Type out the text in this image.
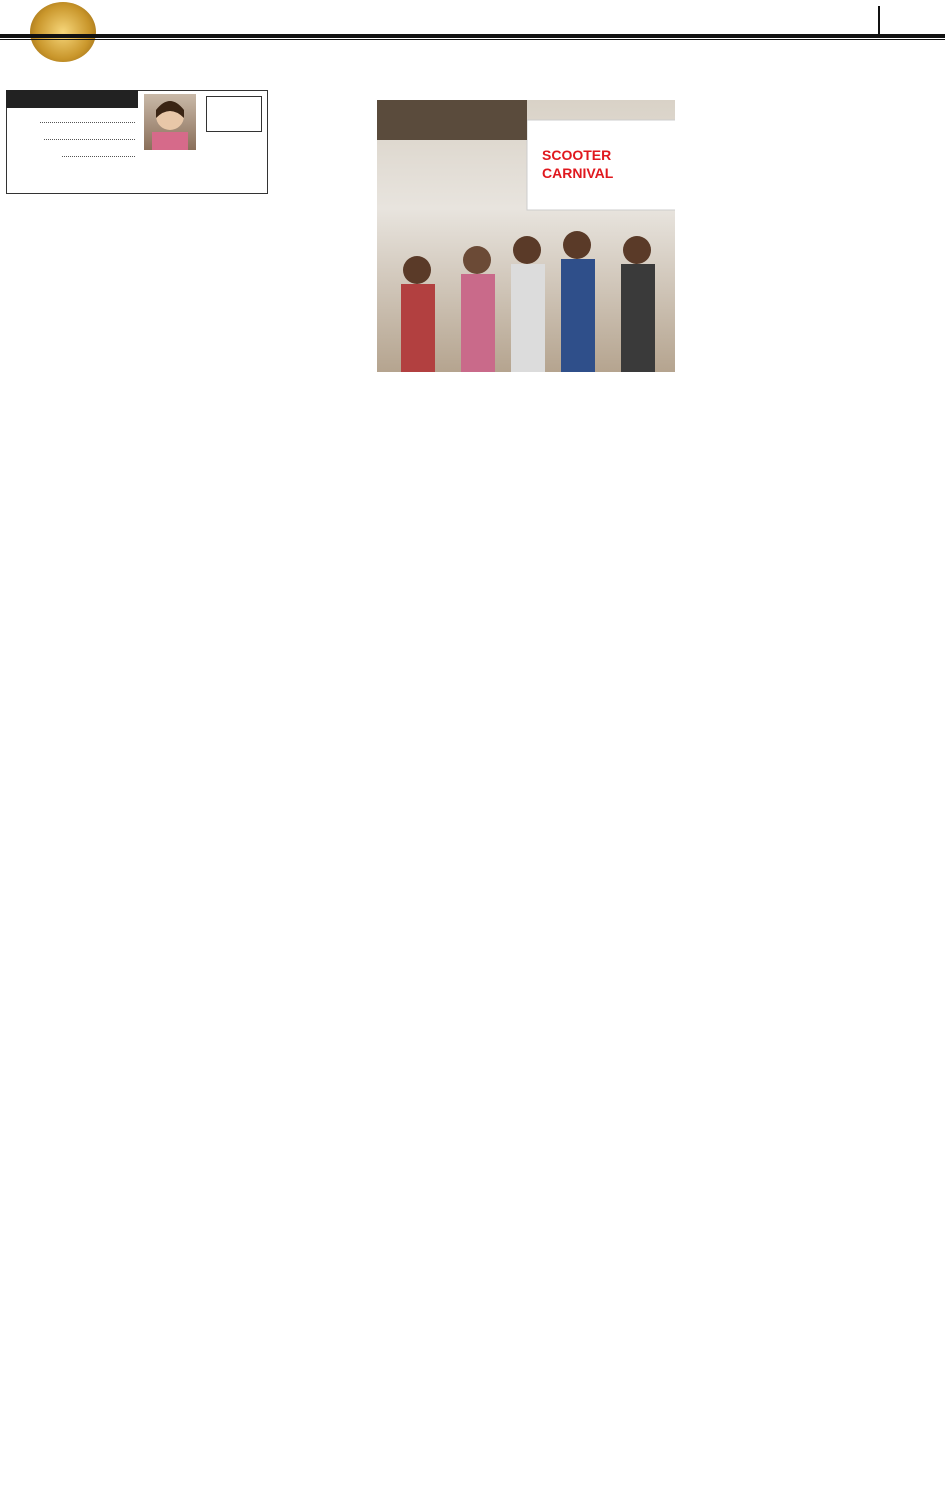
SCOOTER
CARNIVAL
